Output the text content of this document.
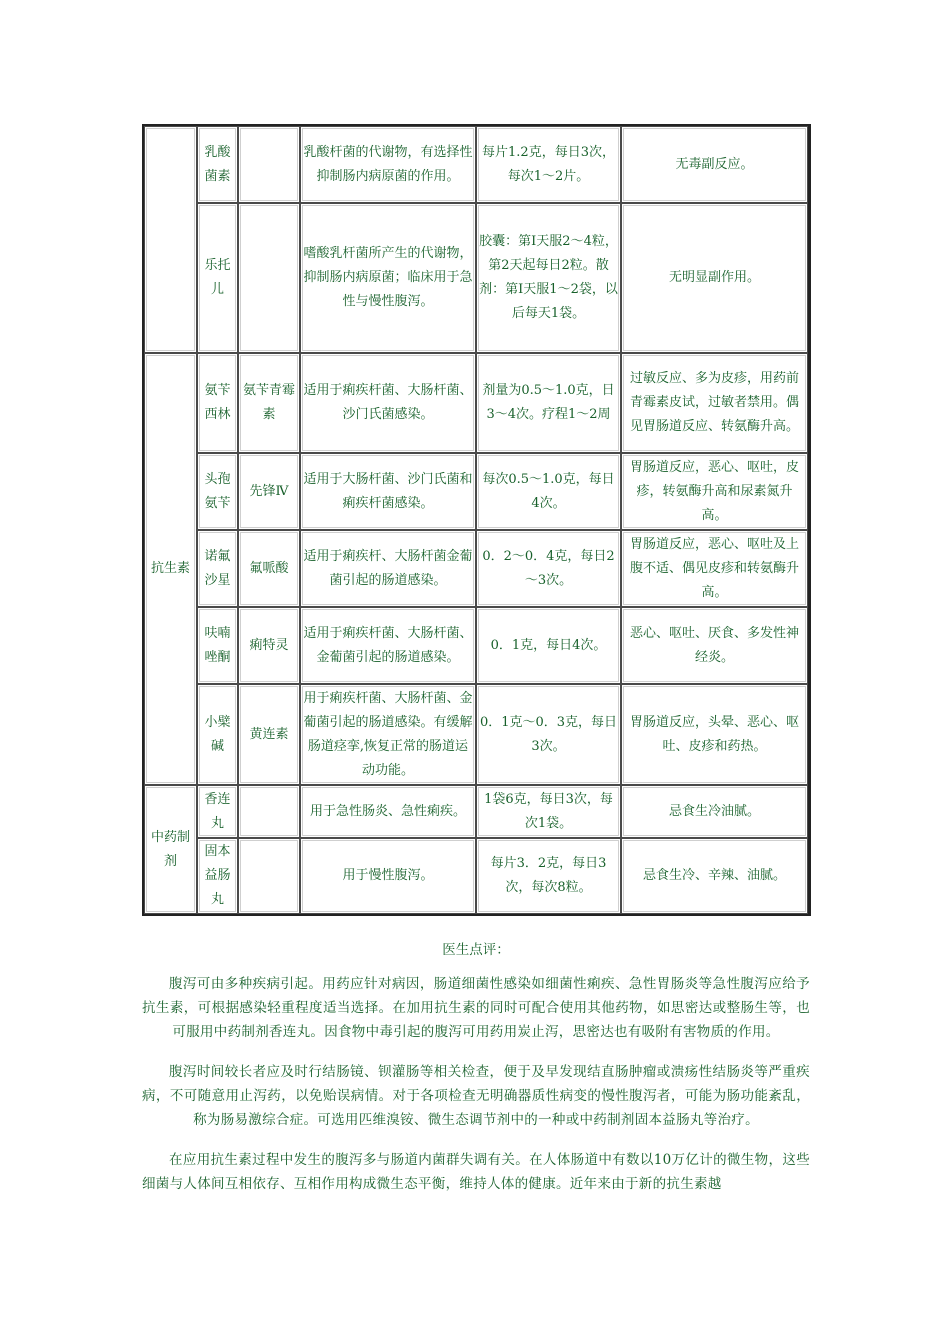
	乳酸菌素		乳酸杆菌的代谢物，有选择性抑制肠内病原菌的作用。	每片1.2克，每日3次，每次1～2片。	无毒副反应。
	乐托儿		嗜酸乳杆菌所产生的代谢物，抑制肠内病原菌；临床用于急性与慢性腹泻。	胶囊：第Ⅰ天服2～4粒，第2天起每日2粒。散剂：第Ⅰ天服1～2袋，以后每天1袋。	无明显副作用。
抗生素	氨苄西林	氨苄青霉素	适用于痢疾杆菌、大肠杆菌、沙门氏菌感染。	剂量为0.5～1.0克，日3～4次。疗程1～2周	过敏反应、多为皮疹，用药前青霉素皮试，过敏者禁用。偶见胃肠道反应、转氨酶升高。
	头孢氨苄	先锋Ⅳ	适用于大肠杆菌、沙门氏菌和痢疾杆菌感染。	每次0.5～1.0克，每日4次。	胃肠道反应，恶心、呕吐，皮疹，转氨酶升高和尿素氮升高。
	诺氟沙星	氟哌酸	适用于痢疾杆、大肠杆菌金葡菌引起的肠道感染。	0．2～0．4克，每日2～3次。	胃肠道反应，恶心、呕吐及上腹不适、偶见皮疹和转氨酶升高。
	呋喃唑酮	痢特灵	适用于痢疾杆菌、大肠杆菌、金葡菌引起的肠道感染。	0．1克，每日4次。	恶心、呕吐、厌食、多发性神经炎。
	小檗碱	黄连素	用于痢疾杆菌、大肠杆菌、金葡菌引起的肠道感染。有缓解肠道痉挛,恢复正常的肠道运动功能。	0．1克～0．3克，每日3次。	胃肠道反应，头晕、恶心、呕吐、皮疹和药热。
中药制剂	香连丸		用于急性肠炎、急性痢疾。	1袋6克，每日3次，每次1袋。	忌食生冷油腻。
	固本益肠丸		用于慢性腹泻。	每片3．2克，每日3次，每次8粒。	忌食生冷、辛辣、油腻。
医生点评：

腹泻可由多种疾病引起。用药应针对病因，肠道细菌性感染如细菌性痢疾、急性胃肠炎等急性腹泻应给予抗生素，可根据感染轻重程度适当选择。在加用抗生素的同时可配合使用其他药物，如思密达或整肠生等，也可服用中药制剂香连丸。因食物中毒引起的腹泻可用药用炭止泻，思密达也有吸附有害物质的作用。

腹泻时间较长者应及时行结肠镜、钡灌肠等相关检查，便于及早发现结直肠肿瘤或溃疡性结肠炎等严重疾病，不可随意用止泻药，以免贻误病情。对于各项检查无明确器质性病变的慢性腹泻者，可能为肠功能紊乱，称为肠易激综合症。可选用匹维溴铵、微生态调节剂中的一种或中药制剂固本益肠丸等治疗。

在应用抗生素过程中发生的腹泻多与肠道内菌群失调有关。在人体肠道中有数以10万亿计的微生物，这些细菌与人体间互相依存、互相作用构成微生态平衡，维持人体的健康。近年来由于新的抗生素越
